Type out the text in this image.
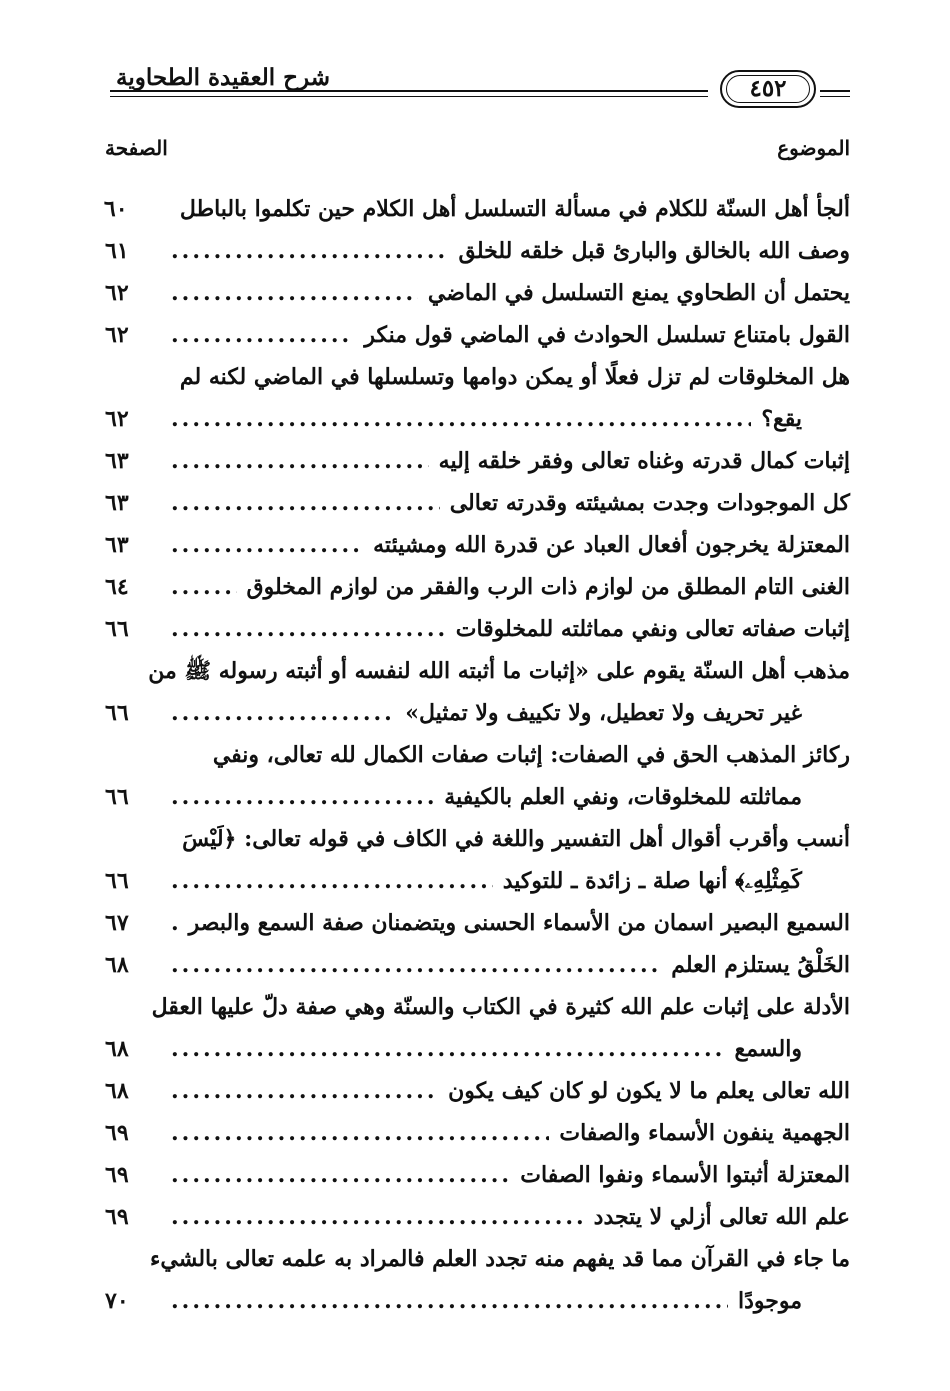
شرح العقيدة الطحاوية	٤٥٢
الموضوع
الصفحة
ألجأ أهل السنّة للكلام في مسألة التسلسل أهل الكلام حين تكلموا بالباطل
٦٠
وصف الله بالخالق والبارئ قبل خلقه للخلق
.....
٦١
يحتمل أن الطحاوي يمنع التسلسل في الماضي
.....
٦٢
القول بامتناع تسلسل الحوادث في الماضي قول منكر
.....
٦٢
هل المخلوقات لم تزل فعلًا أو يمكن دوامها وتسلسلها في الماضي لكنه لم
يقع؟
.....
٦٢
إثبات كمال قدرته وغناه تعالى وفقر خلقه إليه
.....
٦٣
كل الموجودات وجدت بمشيئته وقدرته تعالى
.....
٦٣
المعتزلة يخرجون أفعال العباد عن قدرة الله ومشيئته
.....
٦٣
الغنى التام المطلق من لوازم ذات الرب والفقر من لوازم المخلوق
.....
٦٤
إثبات صفاته تعالى ونفي مماثلته للمخلوقات
.....
٦٦
مذهب أهل السنّة يقوم على «إثبات ما أثبته الله لنفسه أو أثبته رسوله ﷺ من
غير تحريف ولا تعطيل، ولا تكييف ولا تمثيل»
.....
٦٦
ركائز المذهب الحق في الصفات: إثبات صفات الكمال لله تعالى، ونفي
مماثلته للمخلوقات، ونفي العلم بالكيفية
.....
٦٦
أنسب وأقرب أقوال أهل التفسير واللغة في الكاف في قوله تعالى: ﴿لَيْسَ
كَمِثْلِهِۦ﴾ أنها صلة ـ زائدة ـ للتوكيد
.....
٦٦
السميع البصير اسمان من الأسماء الحسنى ويتضمنان صفة السمع والبصر
.....
٦٧
الخَلْقُ يستلزم العلم
.....
٦٨
الأدلة على إثبات علم الله كثيرة في الكتاب والسنّة وهي صفة دلّ عليها العقل
والسمع
.....
٦٨
الله تعالى يعلم ما لا يكون لو كان كيف يكون
.....
٦٨
الجهمية ينفون الأسماء والصفات
.....
٦٩
المعتزلة أثبتوا الأسماء ونفوا الصفات
.....
٦٩
علم الله تعالى أزلي لا يتجدد
.....
٦٩
ما جاء في القرآن مما قد يفهم منه تجدد العلم فالمراد به علمه تعالى بالشيء
موجودًا
.....
٧٠
